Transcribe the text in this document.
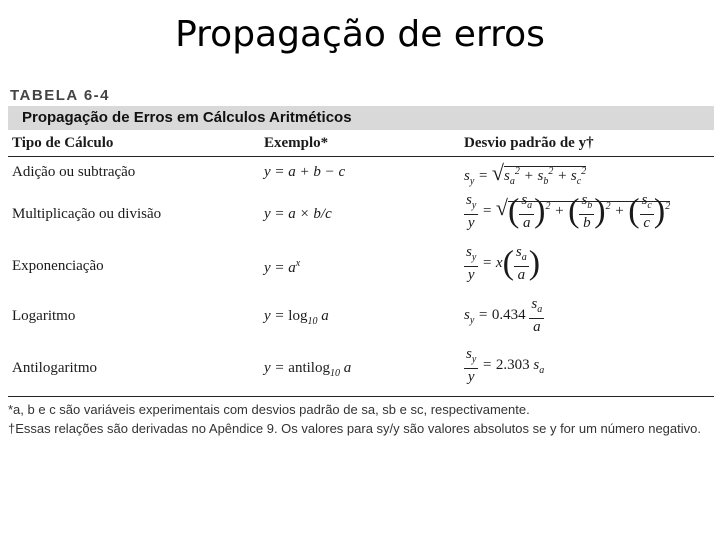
Propagação de erros
TABELA 6-4
Propagação de Erros em Cálculos Aritméticos
Tipo de Cálculo	Exemplo*	Desvio padrão de y†
Adição ou subtração	y = a + b − c	$s_y = √s_a^2 + s_b^2 + s_c^2$
Multiplicação ou divisão	y = a × b/c	$\frac{s_y}{y}$ = √( $\frac{s_a}{a} )^2$ + ( $\frac{s_b}{b} )^2$ + ( $\frac{s_c}{c} )^2$
Exponenciação	$y = a^x$	$\frac{s_y}{y} = x( \frac{s_a}{a}$ )
Logaritmo	$y = \log_{10} a$	$s_y = 0.434 \frac{s_a}{a}$
Antilogaritmo	y = antilog$_{10}$ a	$\frac{s_y}{y} = 2.303$ $s_a$
*a, b e c são variáveis experimentais com desvios padrão de sa, sb e sc, respectivamente.
†Essas relações são derivadas no Apêndice 9. Os valores para sy/y são valores absolutos se y for um número negativo.
